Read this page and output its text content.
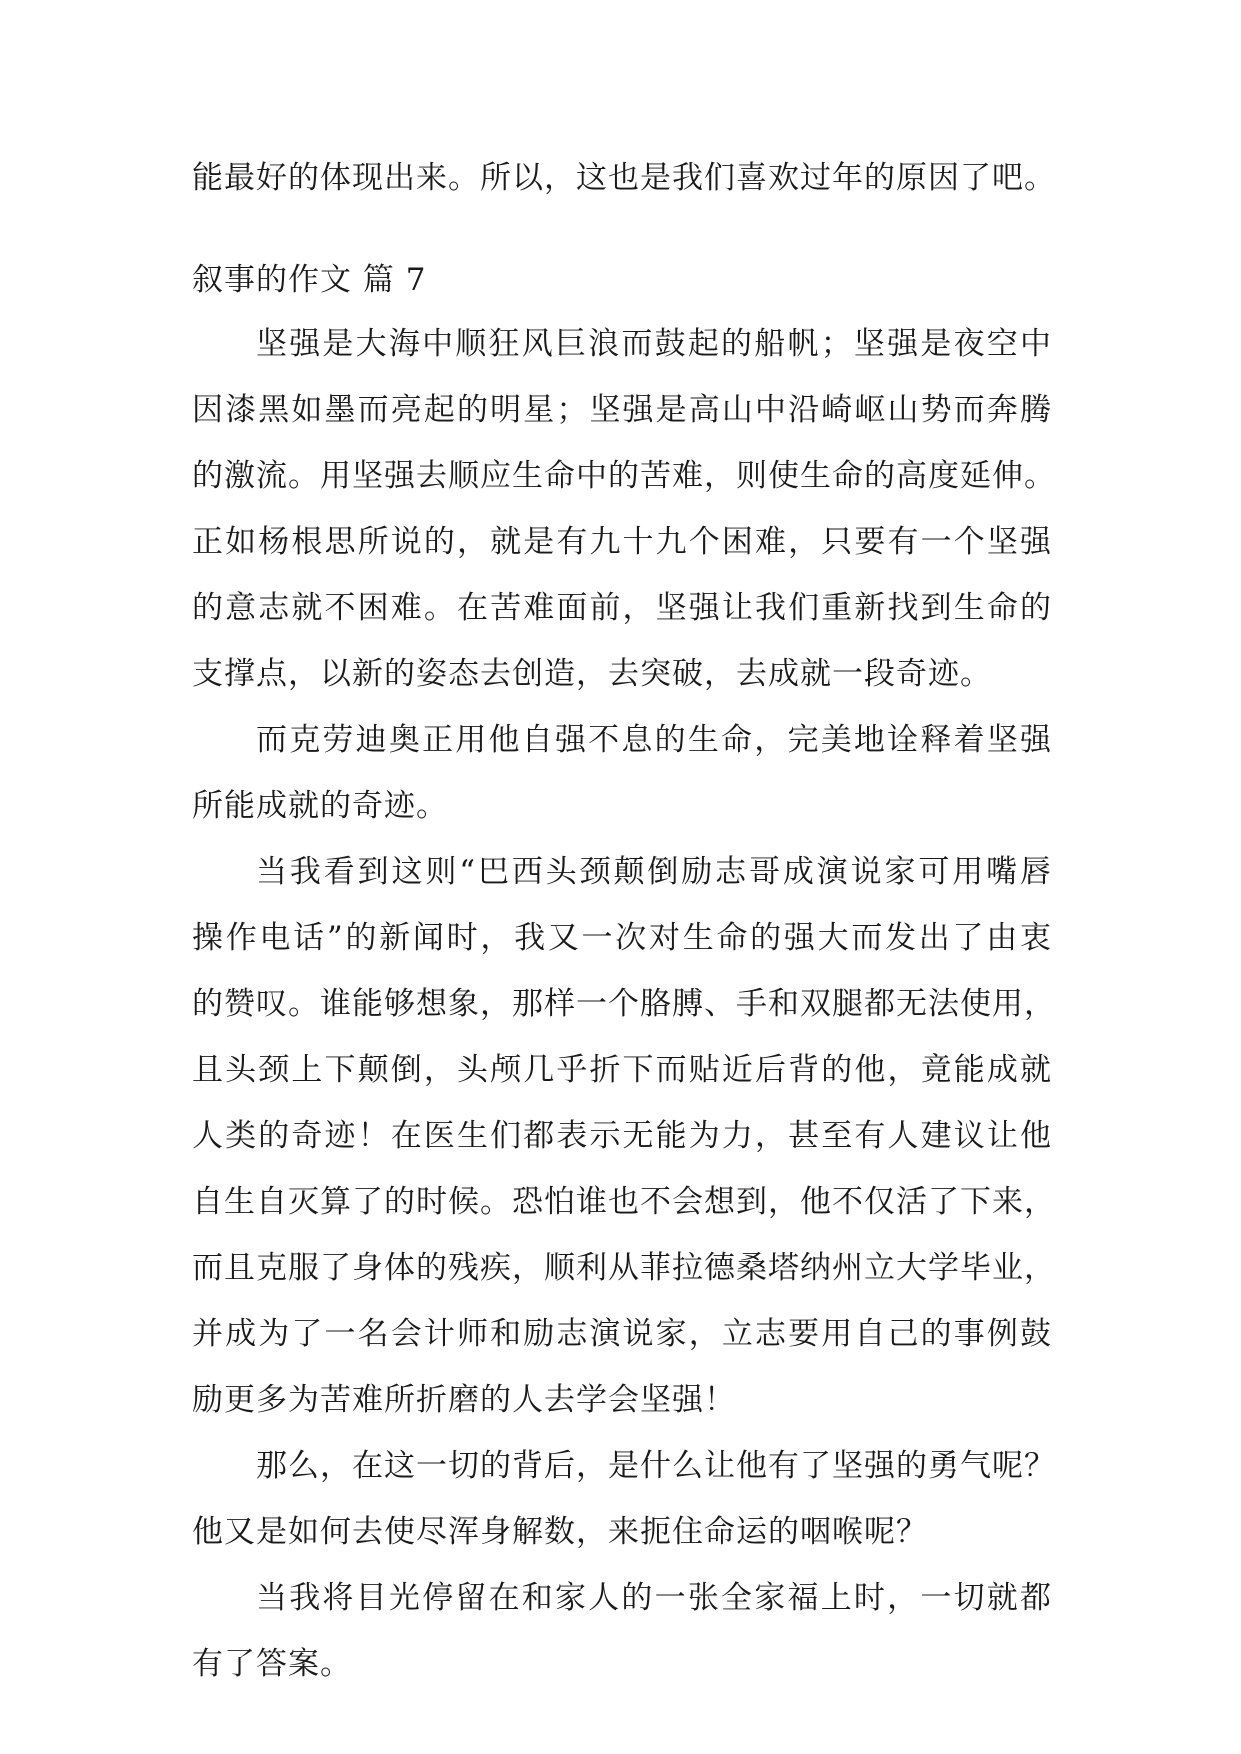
能最好的体现出来。所以，这也是我们喜欢过年的原因了吧。

叙事的作文 篇 7

坚强是大海中顺狂风巨浪而鼓起的船帆；坚强是夜空中

因漆黑如墨而亮起的明星；坚强是高山中沿崎岖山势而奔腾

的激流。用坚强去顺应生命中的苦难，则使生命的高度延伸。

正如杨根思所说的，就是有九十九个困难，只要有一个坚强

的意志就不困难。在苦难面前，坚强让我们重新找到生命的

支撑点，以新的姿态去创造，去突破，去成就一段奇迹。

而克劳迪奥正用他自强不息的生命，完美地诠释着坚强

所能成就的奇迹。

当我看到这则“巴西头颈颠倒励志哥成演说家可用嘴唇

操作电话”的新闻时，我又一次对生命的强大而发出了由衷

的赞叹。谁能够想象，那样一个胳膊、手和双腿都无法使用，

且头颈上下颠倒，头颅几乎折下而贴近后背的他，竟能成就

人类的奇迹！在医生们都表示无能为力，甚至有人建议让他

自生自灭算了的时候。恐怕谁也不会想到，他不仅活了下来，

而且克服了身体的残疾，顺利从菲拉德桑塔纳州立大学毕业，

并成为了一名会计师和励志演说家，立志要用自己的事例鼓

励更多为苦难所折磨的人去学会坚强！

那么，在这一切的背后，是什么让他有了坚强的勇气呢？

他又是如何去使尽浑身解数，来扼住命运的咽喉呢？

当我将目光停留在和家人的一张全家福上时，一切就都

有了答案。
